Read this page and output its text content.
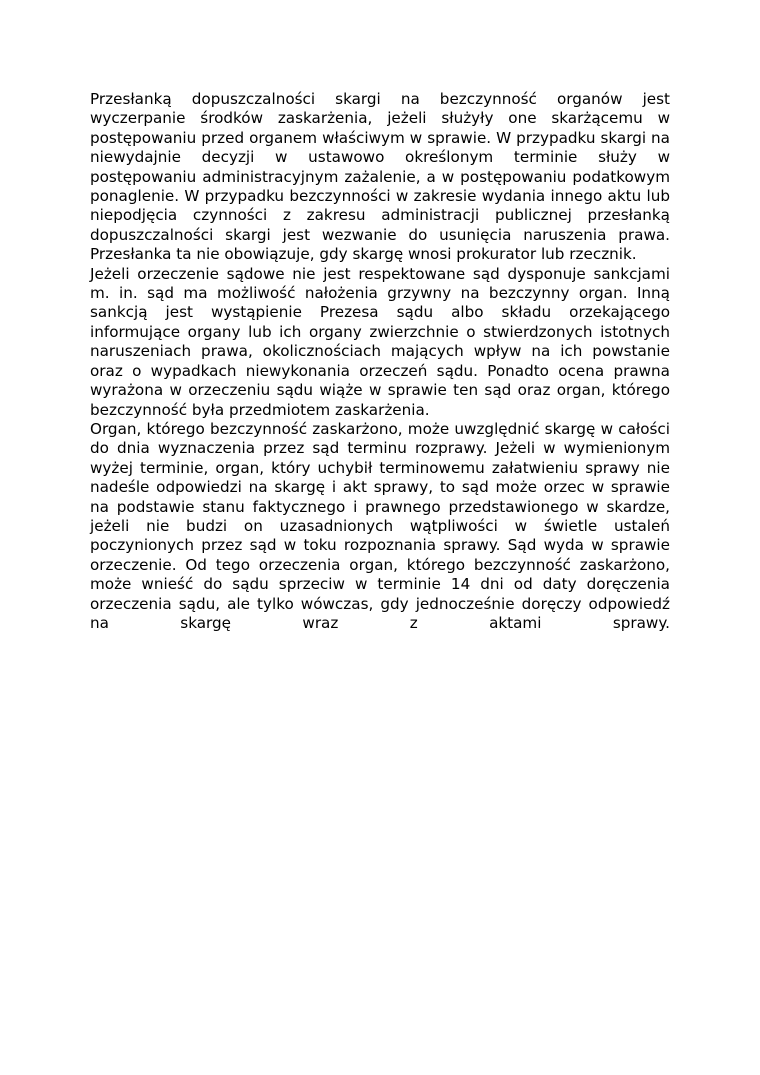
Przesłanką dopuszczalności skargi na bezczynność organów jest wyczerpanie środków zaskarżenia, jeżeli służyły one skarżącemu w postępowaniu przed organem właściwym w sprawie. W przypadku skargi na niewydajnie decyzji w ustawowo określonym terminie służy w postępowaniu administracyjnym zażalenie, a w postępowaniu podatkowym ponaglenie. W przypadku bezczynności w zakresie wydania innego aktu lub niepodjęcia czynności z zakresu administracji publicznej przesłanką dopuszczalności skargi jest wezwanie do usunięcia naruszenia prawa. Przesłanka ta nie obowiązuje, gdy skargę wnosi prokurator lub rzecznik.

Jeżeli orzeczenie sądowe nie jest respektowane sąd dysponuje sankcjami m. in. sąd ma możliwość nałożenia grzywny na bezczynny organ. Inną sankcją jest wystąpienie Prezesa sądu albo składu orzekającego informujące organy lub ich organy zwierzchnie o stwierdzonych istotnych naruszeniach prawa, okolicznościach mających wpływ na ich powstanie oraz o wypadkach niewykonania orzeczeń sądu. Ponadto ocena prawna wyrażona w orzeczeniu sądu wiąże w sprawie ten sąd oraz organ, którego bezczynność była przedmiotem zaskarżenia.

Organ, którego bezczynność zaskarżono, może uwzględnić skargę w całości do dnia wyznaczenia przez sąd terminu rozprawy. Jeżeli w wymienionym wyżej terminie, organ, który uchybił terminowemu załatwieniu sprawy nie nadeśle odpowiedzi na skargę i akt sprawy, to sąd może orzec w sprawie na podstawie stanu faktycznego i prawnego przedstawionego w skardze, jeżeli nie budzi on uzasadnionych wątpliwości w świetle ustaleń poczynionych przez sąd w toku rozpoznania sprawy. Sąd wyda w sprawie orzeczenie. Od tego orzeczenia organ, którego bezczynność zaskarżono, może wnieść do sądu sprzeciw w terminie 14 dni od daty doręczenia orzeczenia sądu, ale tylko wówczas, gdy jednocześnie doręczy odpowiedź na skargę wraz z aktami sprawy.
